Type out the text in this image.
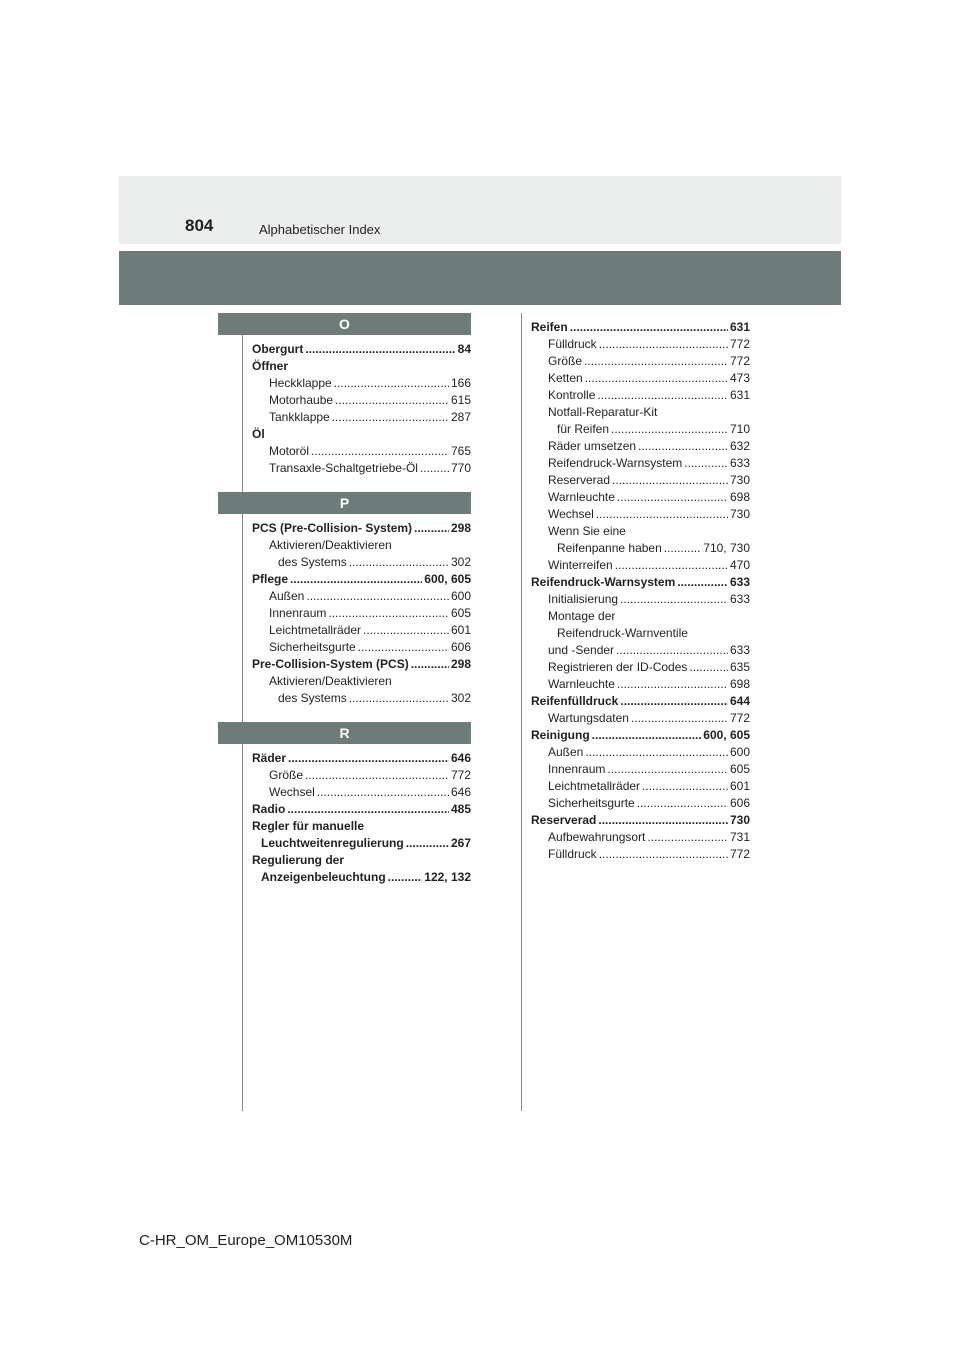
804	Alphabetischer Index
O
Obergurt .....	84
Öffner
Heckklappe .....	166
Motorhaube .....	615
Tankklappe .....	287
Öl
Motoröl .....	765
Transaxle-Schaltgetriebe-Öl .....	770
P
PCS (Pre-Collision- System) .....	298
Aktivieren/Deaktivieren
des Systems .....	302
Pflege .....	600, 605
Außen .....	600
Innenraum .....	605
Leichtmetallräder .....	601
Sicherheitsgurte .....	606
Pre-Collision-System (PCS) .....	298
Aktivieren/Deaktivieren
des Systems .....	302
R
Räder .....	646
Größe .....	772
Wechsel .....	646
Radio .....	485
Regler für manuelle
Leuchtweitenregulierung .....	267
Regulierung der
Anzeigenbeleuchtung .....	122, 132
Reifen .....	631
Fülldruck .....	772
Größe .....	772
Ketten .....	473
Kontrolle .....	631
Notfall-Reparatur-Kit
für Reifen .....	710
Räder umsetzen .....	632
Reifendruck-Warnsystem .....	633
Reserverad .....	730
Warnleuchte .....	698
Wechsel .....	730
Wenn Sie eine
Reifenpanne haben .....	710, 730
Winterreifen .....	470
Reifendruck-Warnsystem .....	633
Initialisierung .....	633
Montage der
Reifendruck-Warnventile
und -Sender .....	633
Registrieren der ID-Codes .....	635
Warnleuchte .....	698
Reifenfülldruck .....	644
Wartungsdaten .....	772
Reinigung .....	600, 605
Außen .....	600
Innenraum .....	605
Leichtmetallräder .....	601
Sicherheitsgurte .....	606
Reserverad .....	730
Aufbewahrungsort .....	731
Fülldruck .....	772
C-HR_OM_Europe_OM10530M
